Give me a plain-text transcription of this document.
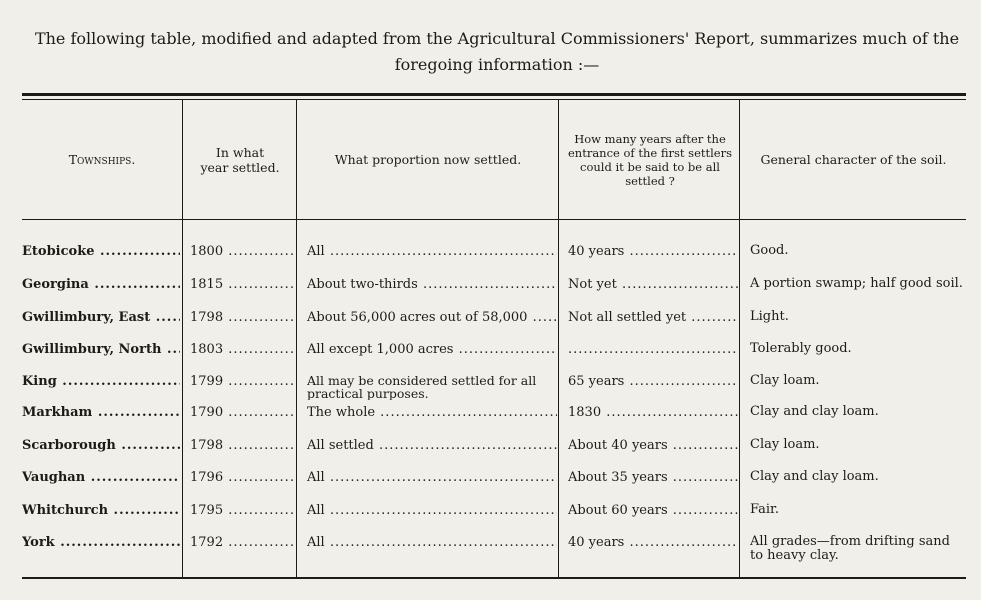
The following table, modified and adapted from the Agricultural Commissioners' Report, summarizes much of the foregoing information :—
Townships.	In what year settled.	What proportion now settled.
How many years after the entrance of the first settlers could it be said to be all settled ?
General character of the soil.
Etobicoke .....	1800 .....	All .....	40 years .....	Good.
Georgina .....	1815 .....	About two-thirds .....	Not yet .....	A portion swamp; half good soil.
Gwillimbury, East .....	1798 .....	About 56,000 acres out of 58,000 .....	Not all settled yet .....	Light.
Gwillimbury, North .....	1803 .....	All except 1,000 acres .....
.....	Tolerably good.
King .....	1799 .....	All may be considered settled for all practical purposes.
65 years .....	Clay loam.
Markham .....	1790 .....	The whole .....	1830 .....	Clay and clay loam.
Scarborough .....	1798 .....	All settled .....	About 40 years .....	Clay loam.
Vaughan .....	1796 .....	All .....	About 35 years .....	Clay and clay loam.
Whitchurch .....	1795 .....	All .....	About 60 years .....	Fair.
York .....	1792 .....	All .....	40 years .....	All grades—from drifting sand to heavy clay.
